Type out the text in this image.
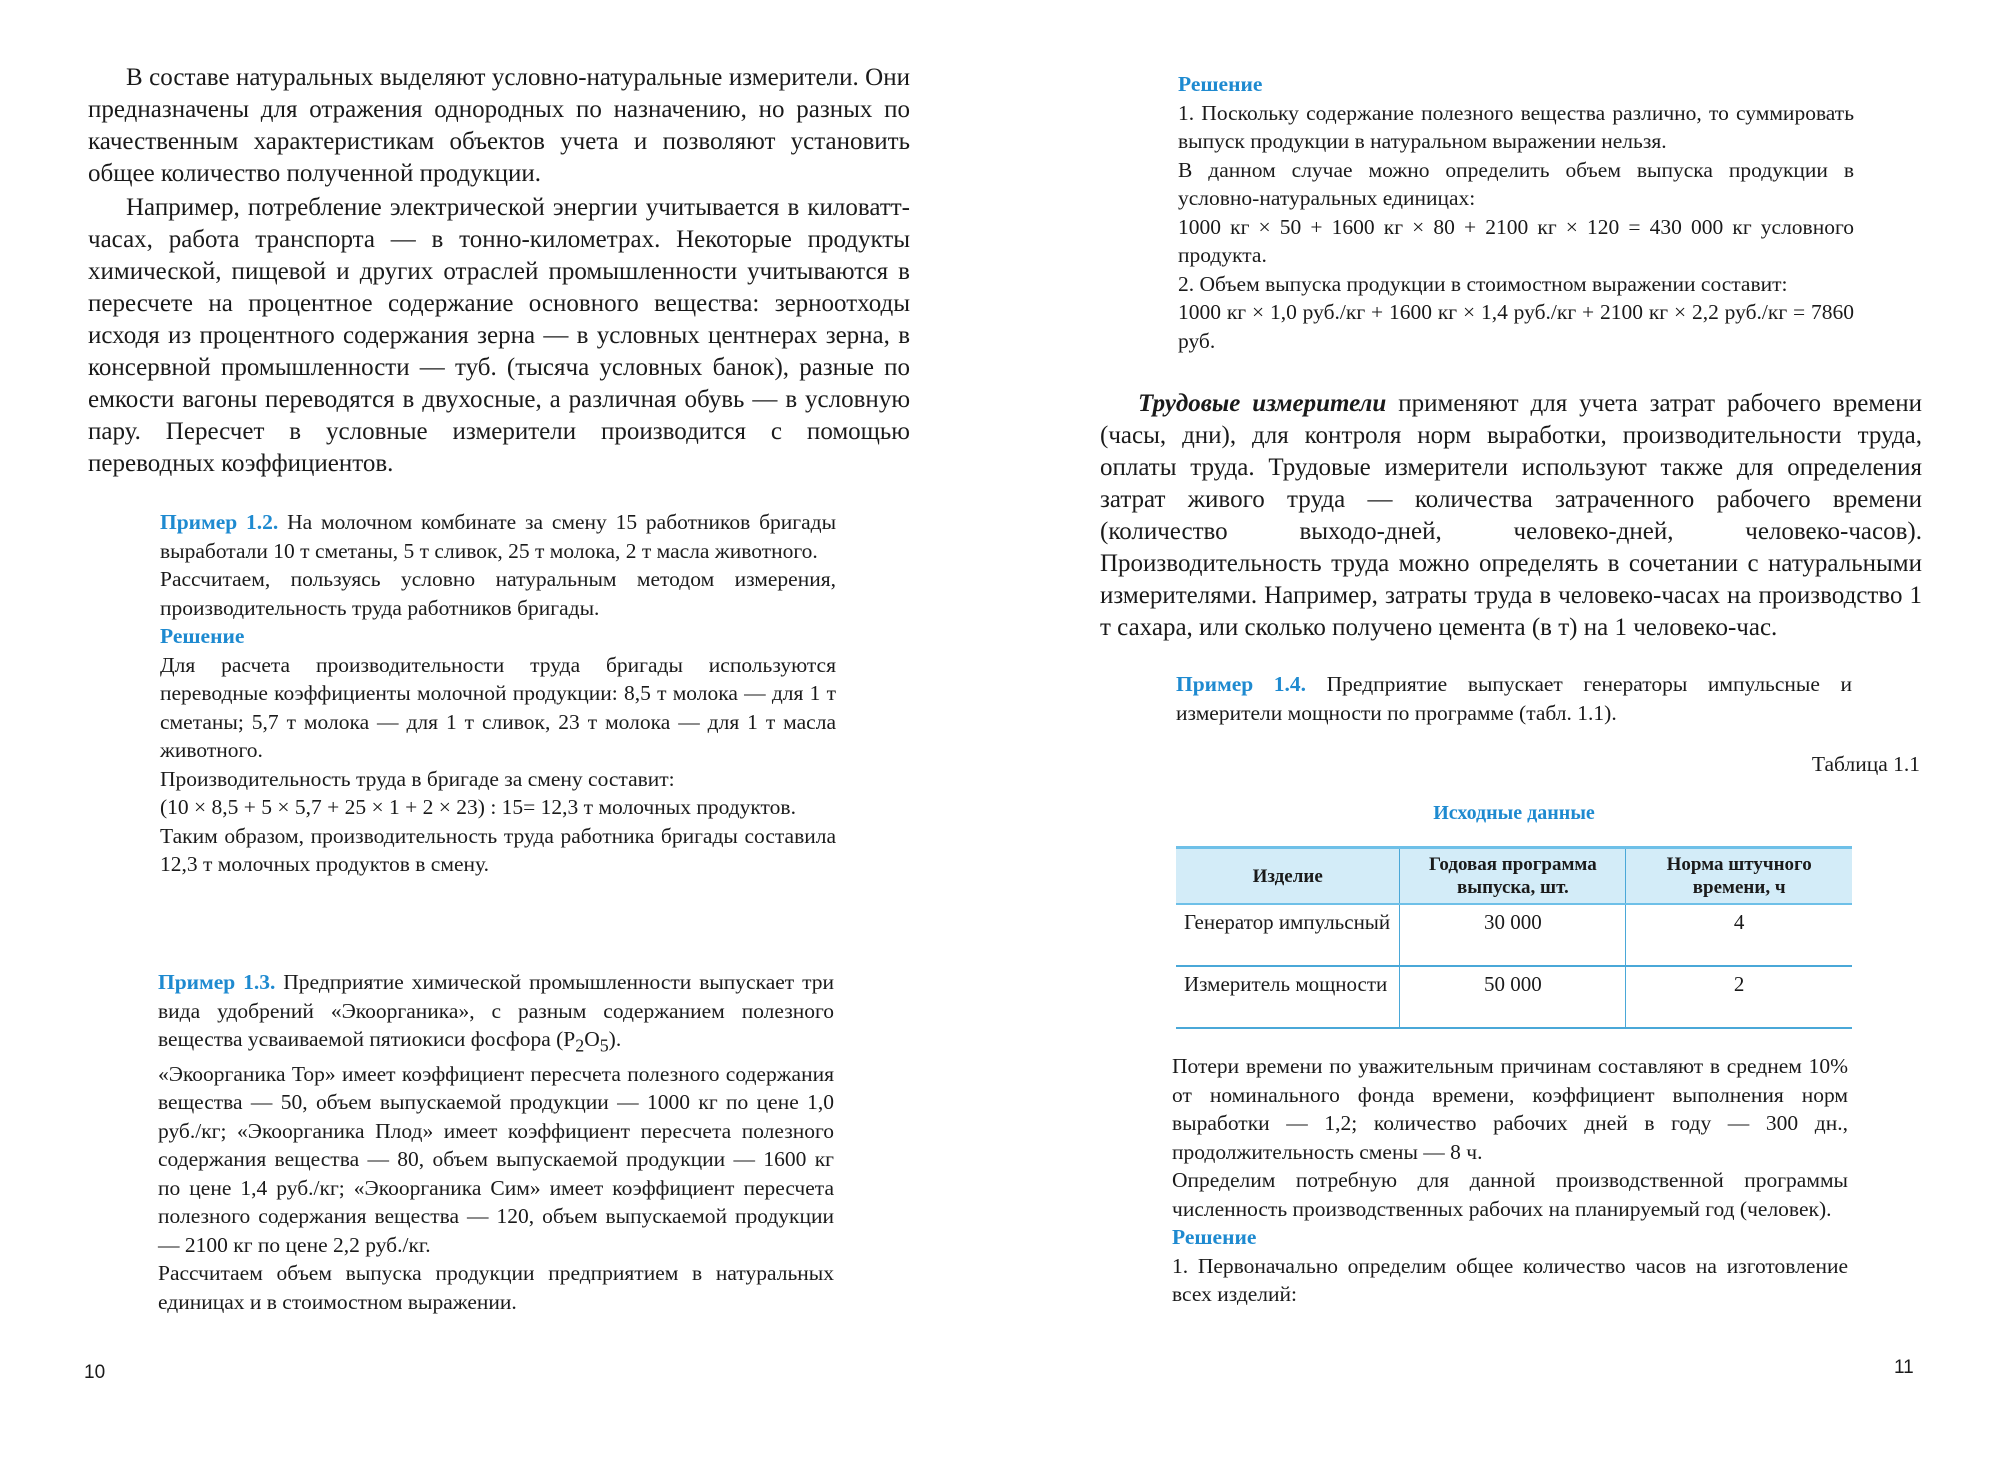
В составе натуральных выделяют условно-натуральные измерители. Они предназначены для отражения однородных по назначению, но разных по качественным характеристикам объектов учета и позволяют установить общее количество полученной продукции.

Например, потребление электрической энергии учитывается в киловатт-часах, работа транспорта — в тонно-километрах. Некоторые продукты химической, пищевой и других отраслей промышленности учитываются в пересчете на процентное содержание основного вещества: зерноотходы исходя из процентного содержания зерна — в условных центнерах зерна, в консервной промышленности — туб. (тысяча условных банок), разные по емкости вагоны переводятся в двухосные, а различная обувь — в условную пару. Пересчет в условные измерители производится с помощью переводных коэффициентов.

Пример 1.2. На молочном комбинате за смену 15 работников бригады выработали 10 т сметаны, 5 т сливок, 25 т молока, 2 т масла животного.

Рассчитаем, пользуясь условно натуральным методом измерения, производительность труда работников бригады.

Решение

Для расчета производительности труда бригады используются переводные коэффициенты молочной продукции: 8,5 т молока — для 1 т сметаны; 5,7 т молока — для 1 т сливок, 23 т молока — для 1 т масла животного.

Производительность труда в бригаде за смену составит:

(10 × 8,5 + 5 × 5,7 + 25 × 1 + 2 × 23) : 15= 12,3 т молочных продуктов.

Таким образом, производительность труда работника бригады составила 12,3 т молочных продуктов в смену.

Пример 1.3. Предприятие химической промышленности выпускает три вида удобрений «Экоорганика», с разным содержанием полезного вещества усваиваемой пятиокиси фосфора $(P_2O_5)$.

«Экоорганика Тор» имеет коэффициент пересчета полезного содержания вещества — 50, объем выпускаемой продукции — 1000 кг по цене 1,0 руб./кг; «Экоорганика Плод» имеет коэффициент пересчета полезного содержания вещества — 80, объем выпускаемой продукции — 1600 кг по цене 1,4 руб./кг; «Экоорганика Сим» имеет коэффициент пересчета полезного содержания вещества — 120, объем выпускаемой продукции — 2100 кг по цене 2,2 руб./кг.

Рассчитаем объем выпуска продукции предприятием в натуральных единицах и в стоимостном выражении.

10

Решение

1. Поскольку содержание полезного вещества различно, то суммировать выпуск продукции в натуральном выражении нельзя.

В данном случае можно определить объем выпуска продукции в условно-натуральных единицах:

1000 кг × 50 + 1600 кг × 80 + 2100 кг × 120 = 430 000 кг условного продукта.

2. Объем выпуска продукции в стоимостном выражении составит:

1000 кг × 1,0 руб./кг + 1600 кг × 1,4 руб./кг + 2100 кг × 2,2 руб./кг = 7860 руб.

Трудовые измерители применяют для учета затрат рабочего времени (часы, дни), для контроля норм выработки, производительности труда, оплаты труда. Трудовые измерители используют также для определения затрат живого труда — количества затраченного рабочего времени (количество выходо-дней, человеко-дней, человеко-часов). Производительность труда можно определять в сочетании с натуральными измерителями. Например, затраты труда в человеко-часах на производство 1 т сахара, или сколько получено цемента (в т) на 1 человеко-час.

Пример 1.4. Предприятие выпускает генераторы импульсные и измерители мощности по программе (табл. 1.1).

Таблица 1.1
Исходные данные
Изделие	Годовая программа выпуска, шт.	Норма штучного времени, ч
Генератор импульсный	30 000	4
Измеритель мощности	50 000	2

Потери времени по уважительным причинам составляют в среднем 10% от номинального фонда времени, коэффициент выполнения норм выработки — 1,2; количество рабочих дней в году — 300 дн., продолжительность смены — 8 ч.

Определим потребную для данной производственной программы численность производственных рабочих на планируемый год (человек).

Решение

1. Первоначально определим общее количество часов на изготовление всех изделий:

11
